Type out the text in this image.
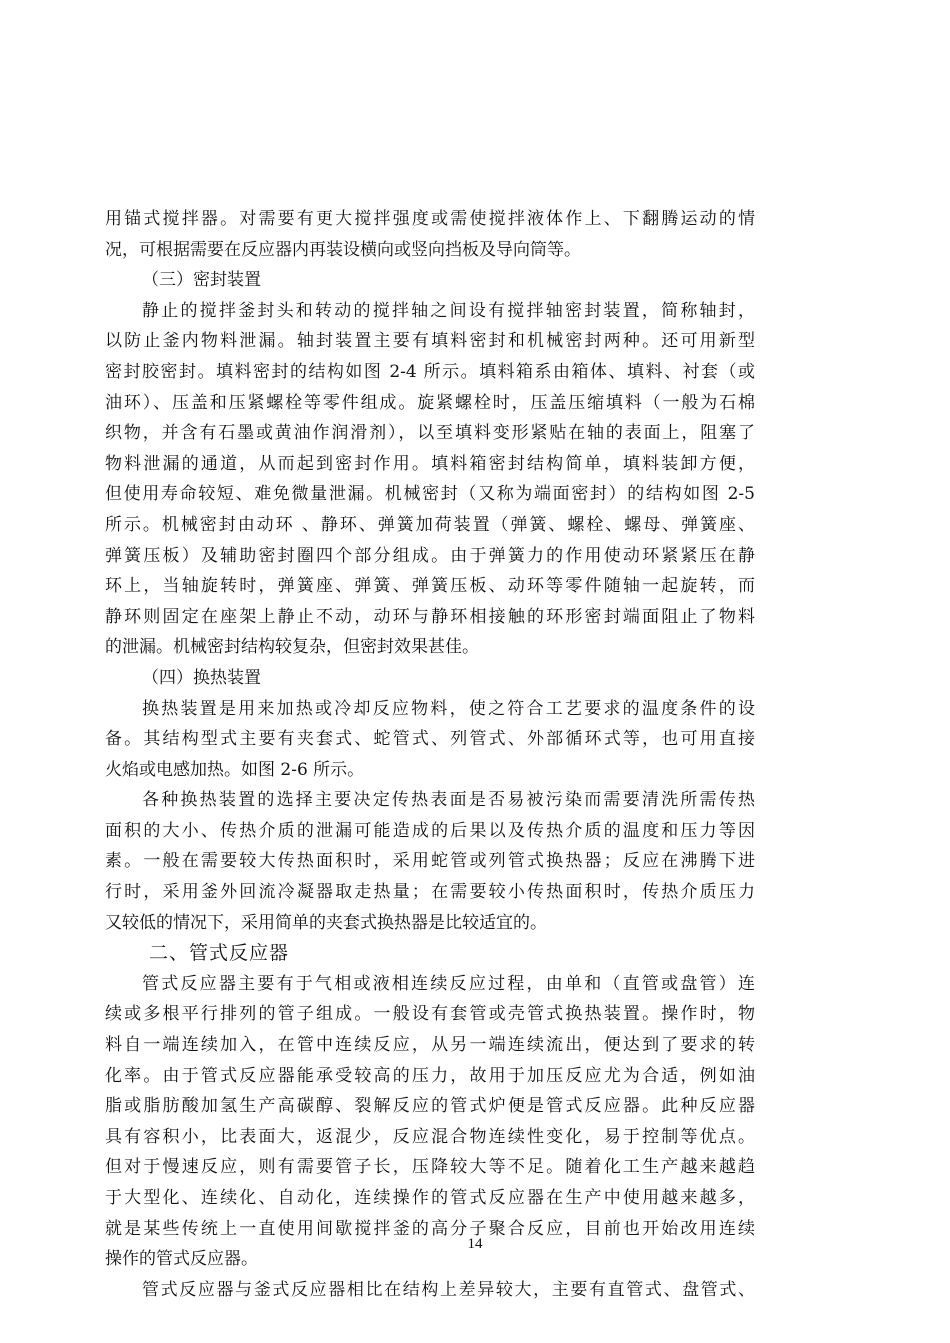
用锚式搅拌器。对需要有更大搅拌强度或需使搅拌液体作上、下翻腾运动的情
况，可根据需要在反应器内再装设横向或竖向挡板及导向筒等。
（三）密封装置
静止的搅拌釜封头和转动的搅拌轴之间设有搅拌轴密封装置，简称轴封，
以防止釜内物料泄漏。轴封装置主要有填料密封和机械密封两种。还可用新型
密封胶密封。填料密封的结构如图 2-4 所示。填料箱系由箱体、填料、衬套（或
油环）、压盖和压紧螺栓等零件组成。旋紧螺栓时，压盖压缩填料（一般为石棉
织物，并含有石墨或黄油作润滑剂），以至填料变形紧贴在轴的表面上，阻塞了
物料泄漏的通道，从而起到密封作用。填料箱密封结构简单，填料装卸方便，
但使用寿命较短、难免微量泄漏。机械密封（又称为端面密封）的结构如图 2-5
所示。机械密封由动环 、静环、弹簧加荷装置（弹簧、螺栓、螺母、弹簧座、
弹簧压板）及辅助密封圈四个部分组成。由于弹簧力的作用使动环紧紧压在静
环上，当轴旋转时，弹簧座、弹簧、弹簧压板、动环等零件随轴一起旋转，而
静环则固定在座架上静止不动，动环与静环相接触的环形密封端面阻止了物料
的泄漏。机械密封结构较复杂，但密封效果甚佳。
（四）换热装置
换热装置是用来加热或冷却反应物料，使之符合工艺要求的温度条件的设
备。其结构型式主要有夹套式、蛇管式、列管式、外部循环式等，也可用直接
火焰或电感加热。如图 2-6 所示。
各种换热装置的选择主要决定传热表面是否易被污染而需要清洗所需传热
面积的大小、传热介质的泄漏可能造成的后果以及传热介质的温度和压力等因
素。一般在需要较大传热面积时，采用蛇管或列管式换热器；反应在沸腾下进
行时，采用釜外回流冷凝器取走热量；在需要较小传热面积时，传热介质压力
又较低的情况下，采用简单的夹套式换热器是比较适宜的。
二、管式反应器
管式反应器主要有于气相或液相连续反应过程，由单和（直管或盘管）连
续或多根平行排列的管子组成。一般设有套管或壳管式换热装置。操作时，物
料自一端连续加入，在管中连续反应，从另一端连续流出，便达到了要求的转
化率。由于管式反应器能承受较高的压力，故用于加压反应尤为合适，例如油
脂或脂肪酸加氢生产高碳醇、裂解反应的管式炉便是管式反应器。此种反应器
具有容积小，比表面大，返混少，反应混合物连续性变化，易于控制等优点。
但对于慢速反应，则有需要管子长，压降较大等不足。随着化工生产越来越趋
于大型化、连续化、自动化，连续操作的管式反应器在生产中使用越来越多，
就是某些传统上一直使用间歇搅拌釜的高分子聚合反应，目前也开始改用连续
操作的管式反应器。
管式反应器与釜式反应器相比在结构上差异较大，主要有直管式、盘管式、
14
